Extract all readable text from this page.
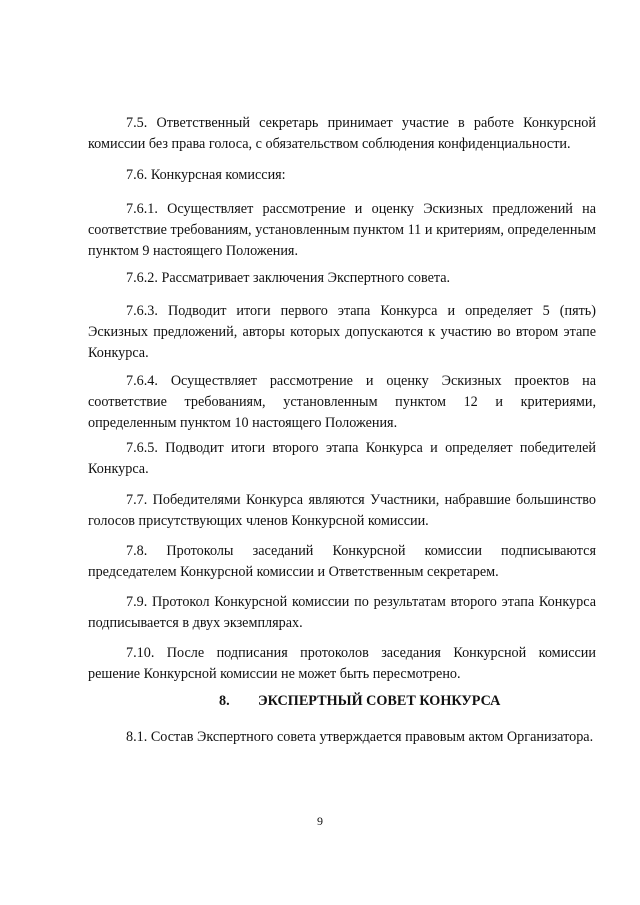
7.5. Ответственный секретарь принимает участие в работе Конкурсной комиссии без права голоса, с обязательством соблюдения конфиденциальности.

7.6. Конкурсная комиссия:

7.6.1. Осуществляет рассмотрение и оценку Эскизных предложений на соответствие требованиям, установленным пунктом 11 и критериям, определенным пунктом 9 настоящего Положения.

7.6.2. Рассматривает заключения Экспертного совета.

7.6.3. Подводит итоги первого этапа Конкурса и определяет 5 (пять) Эскизных предложений, авторы которых допускаются к участию во втором этапе Конкурса.

7.6.4. Осуществляет рассмотрение и оценку Эскизных проектов на соответствие требованиям, установленным пунктом 12 и критериями, определенным пунктом 10 настоящего Положения.

7.6.5. Подводит итоги второго этапа Конкурса и определяет победителей Конкурса.

7.7. Победителями Конкурса являются Участники, набравшие большинство голосов присутствующих членов Конкурсной комиссии.

7.8. Протоколы заседаний Конкурсной комиссии подписываются председателем Конкурсной комиссии и Ответственным секретарем.

7.9. Протокол Конкурсной комиссии по результатам второго этапа Конкурса подписывается в двух экземплярах.

7.10. После подписания протоколов заседания Конкурсной комиссии решение Конкурсной комиссии не может быть пересмотрено.

8. ЭКСПЕРТНЫЙ СОВЕТ КОНКУРСА

8.1. Состав Экспертного совета утверждается правовым актом Организатора.

9
